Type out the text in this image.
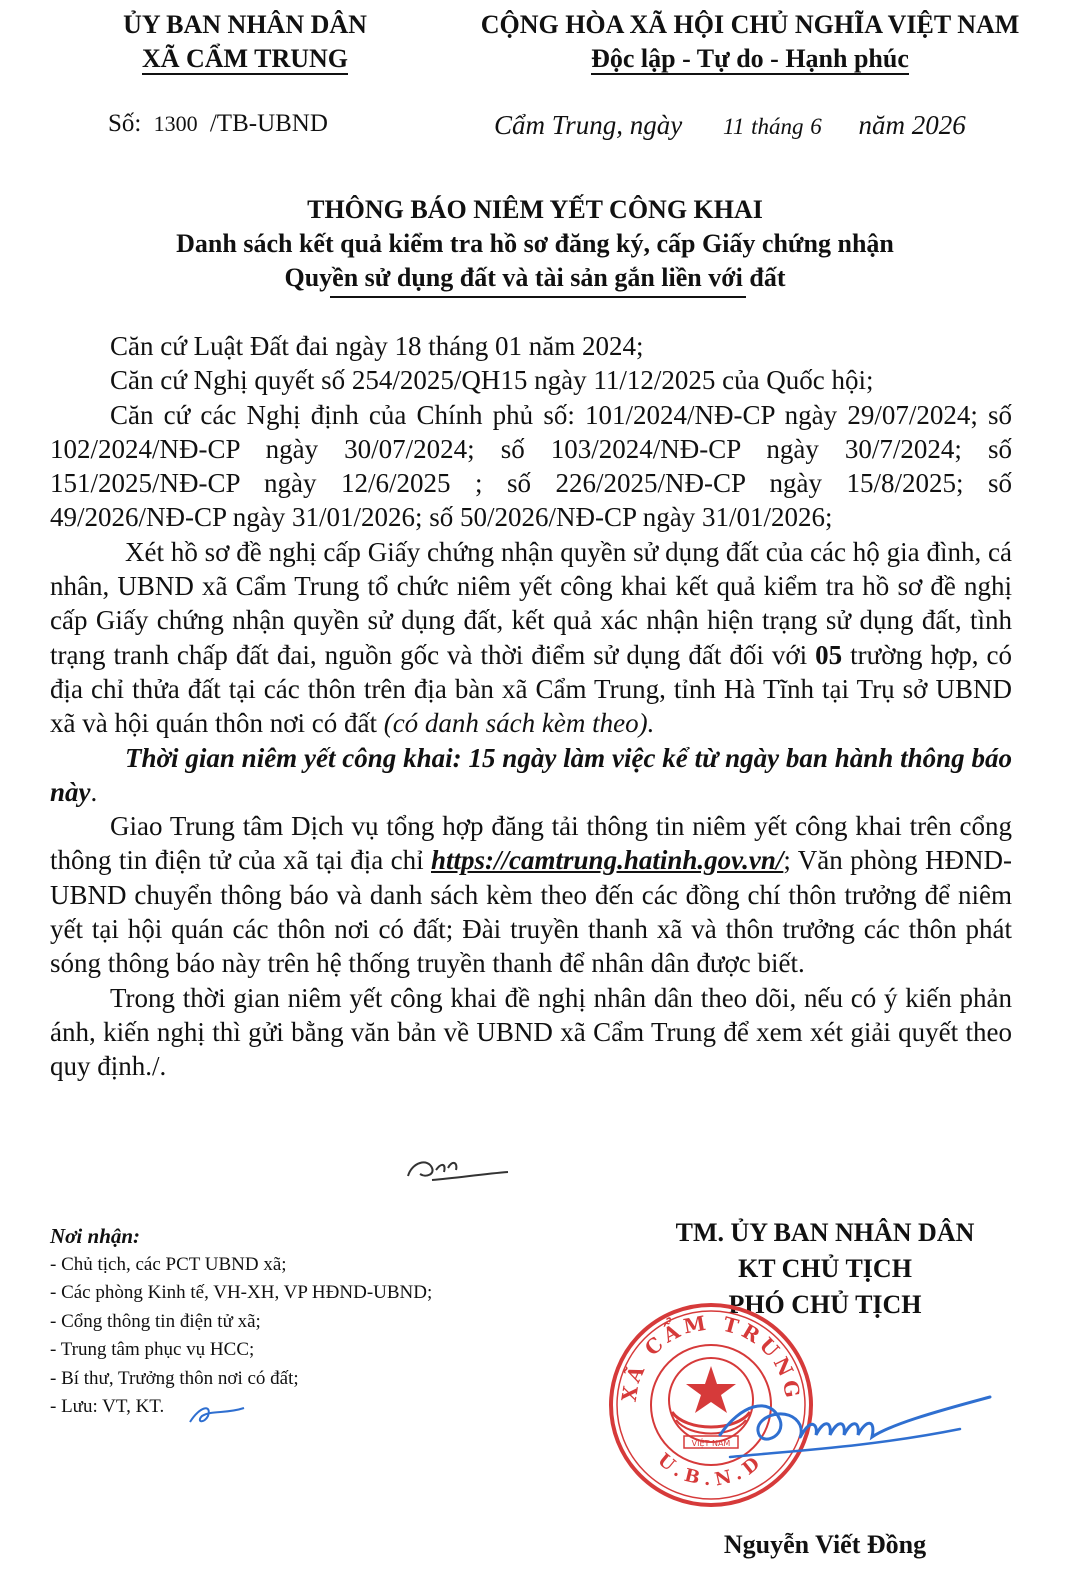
ỦY BAN NHÂN DÂN
XÃ CẨM TRUNG
CỘNG HÒA XÃ HỘI CHỦ NGHĨA VIỆT NAM
Độc lập - Tự do - Hạnh phúc
Số: 1300 /TB-UBND	Cẩm Trung, ngày 11 tháng 6 năm 2026
THÔNG BÁO NIÊM YẾT CÔNG KHAI
Danh sách kết quả kiểm tra hồ sơ đăng ký, cấp Giấy chứng nhận
Quyền sử dụng đất và tài sản gắn liền với đất

Căn cứ Luật Đất đai ngày 18 tháng 01 năm 2024;

Căn cứ Nghị quyết số 254/2025/QH15 ngày 11/12/2025 của Quốc hội;

Căn cứ các Nghị định của Chính phủ số: 101/2024/NĐ-CP ngày 29/07/2024; số 102/2024/NĐ-CP ngày 30/07/2024; số 103/2024/NĐ-CP ngày 30/7/2024; số 151/2025/NĐ-CP ngày 12/6/2025 ; số 226/2025/NĐ-CP ngày 15/8/2025; số 49/2026/NĐ-CP ngày 31/01/2026; số 50/2026/NĐ-CP ngày 31/01/2026;

Xét hồ sơ đề nghị cấp Giấy chứng nhận quyền sử dụng đất của các hộ gia đình, cá nhân, UBND xã Cẩm Trung tổ chức niêm yết công khai kết quả kiểm tra hồ sơ đề nghị cấp Giấy chứng nhận quyền sử dụng đất, kết quả xác nhận hiện trạng sử dụng đất, tình trạng tranh chấp đất đai, nguồn gốc và thời điểm sử dụng đất đối với 05 trường hợp, có địa chỉ thửa đất tại các thôn trên địa bàn xã Cẩm Trung, tỉnh Hà Tĩnh tại Trụ sở UBND xã và hội quán thôn nơi có đất (có danh sách kèm theo).

Thời gian niêm yết công khai: 15 ngày làm việc kể từ ngày ban hành thông báo này.

Giao Trung tâm Dịch vụ tổng hợp đăng tải thông tin niêm yết công khai trên cổng thông tin điện tử của xã tại địa chỉ https://camtrung.hatinh.gov.vn/; Văn phòng HĐND-UBND chuyển thông báo và danh sách kèm theo đến các đồng chí thôn trưởng để niêm yết tại hội quán các thôn nơi có đất; Đài truyền thanh xã và thôn trưởng các thôn phát sóng thông báo này trên hệ thống truyền thanh để nhân dân được biết.

Trong thời gian niêm yết công khai đề nghị nhân dân theo dõi, nếu có ý kiến phản ánh, kiến nghị thì gửi bằng văn bản về UBND xã Cẩm Trung để xem xét giải quyết theo quy định./.

Nơi nhận:
- Chủ tịch, các PCT UBND xã;
- Các phòng Kinh tế, VH-XH, VP HĐND-UBND;
- Cổng thông tin điện tử xã;
- Trung tâm phục vụ HCC;
- Bí thư, Trưởng thôn nơi có đất;
- Lưu: VT, KT.
TM. ỦY BAN NHÂN DÂN
KT CHỦ TỊCH
PHÓ CHỦ TỊCH
XÃ CẨM TRUNG
U.B.N.D
VIỆT NAM
Nguyễn Viết Đồng
